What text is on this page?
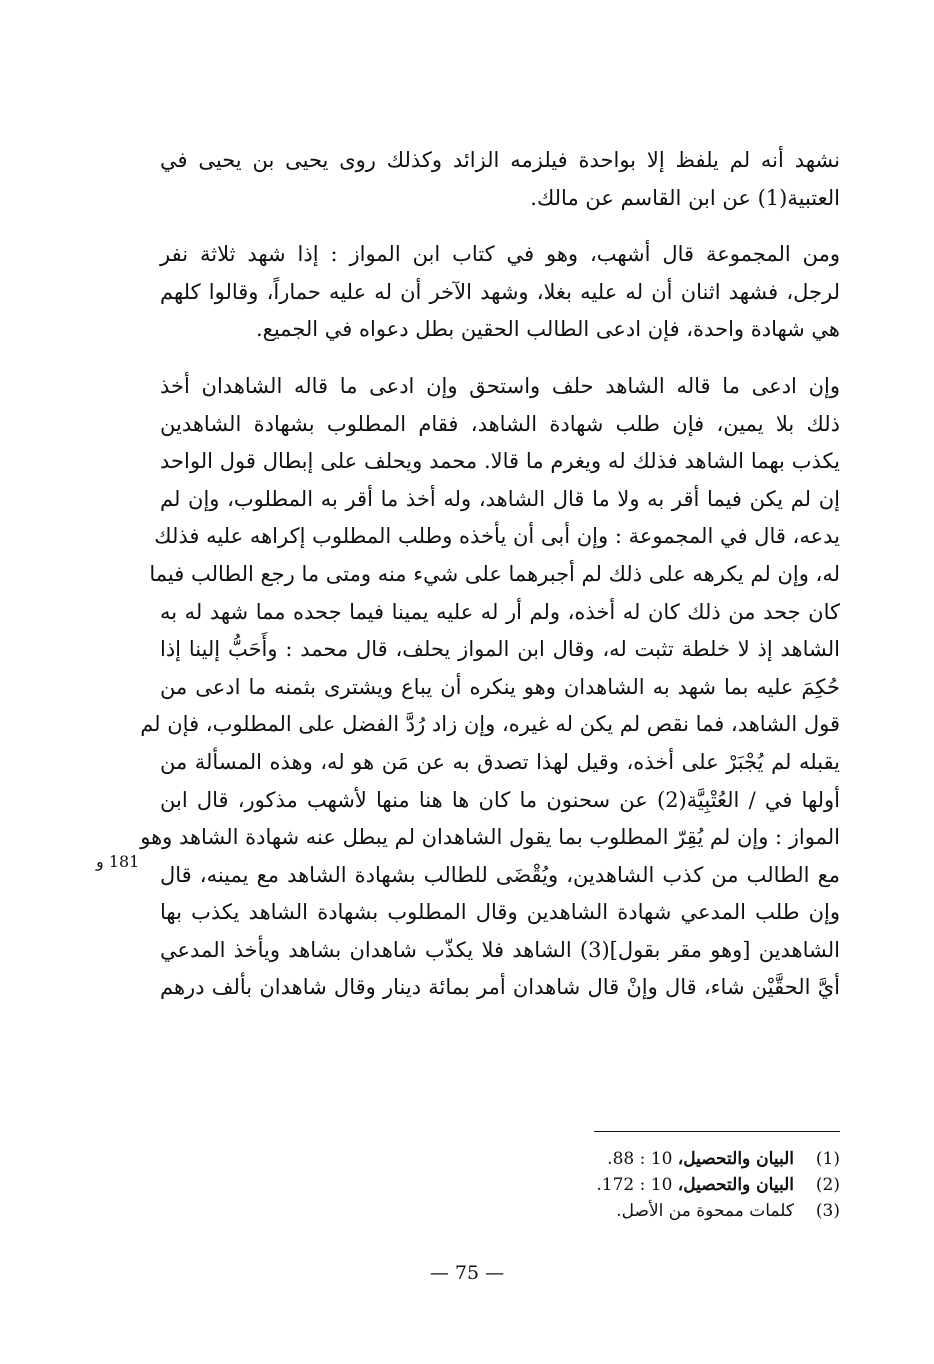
نشهد أنه لم يلفظ إلا بواحدة فيلزمه الزائد وكذلك روى يحيى بن يحيى في
العتبية(1) عن ابن القاسم عن مالك.

ومن المجموعة قال أشهب، وهو في كتاب ابن المواز : إذا شهد ثلاثة نفر
لرجل، فشهد اثنان أن له عليه بغلا، وشهد الآخر أن له عليه حماراً، وقالوا كلهم
هي شهادة واحدة، فإن ادعى الطالب الحقين بطل دعواه في الجميع.

وإن ادعى ما قاله الشاهد حلف واستحق وإن ادعى ما قاله الشاهدان أخذ
ذلك بلا يمين، فإن طلب شهادة الشاهد، فقام المطلوب بشهادة الشاهدين
يكذب بهما الشاهد فذلك له ويغرم ما قالا. محمد ويحلف على إبطال قول الواحد
إن لم يكن فيما أقر به ولا ما قال الشاهد، وله أخذ ما أقر به المطلوب، وإن لم
يدعه، قال في المجموعة : وإن أبى أن يأخذه وطلب المطلوب إكراهه عليه فذلك
له، وإن لم يكرهه على ذلك لم أجبرهما على شيء منه ومتى ما رجع الطالب فيما
كان جحد من ذلك كان له أخذه، ولم أر له عليه يمينا فيما جحده مما شهد له به
الشاهد إذ لا خلطة تثبت له، وقال ابن المواز يحلف، قال محمد : وأَحَبُّ إلينا إذا
حُكِمَ عليه بما شهد به الشاهدان وهو ينكره أن يباع ويشترى بثمنه ما ادعى من
قول الشاهد، فما نقص لم يكن له غيره، وإن زاد رُدَّ الفضل على المطلوب، فإن لم
يقبله لم يُجْبَرْ على أخذه، وقيل لهذا تصدق به عن مَن هو له، وهذه المسألة من
أولها في / العُتْبِيَّة(2) عن سحنون ما كان ها هنا منها لأشهب مذكور، قال ابن
المواز : وإن لم يُقِرّ المطلوب بما يقول الشاهدان لم يبطل عنه شهادة الشاهد وهو
مع الطالب من كذب الشاهدين، ويُقْضَى للطالب بشهادة الشاهد مع يمينه، قال
وإن طلب المدعي شهادة الشاهدين وقال المطلوب بشهادة الشاهد يكذب بها
الشاهدين [وهو مقر بقول](3) الشاهد فلا يكذّب شاهدان بشاهد ويأخذ المدعي
أيَّ الحقَّيْن شاء، قال وإنْ قال شاهدان أمر بمائة دينار وقال شاهدان بألف درهم

181 و
(1)
البيان والتحصيل،

10 : 88.
(2)
البيان والتحصيل،

10 : 172.
(3)
كلمات ممحوة من الأصل.
— 75 —
